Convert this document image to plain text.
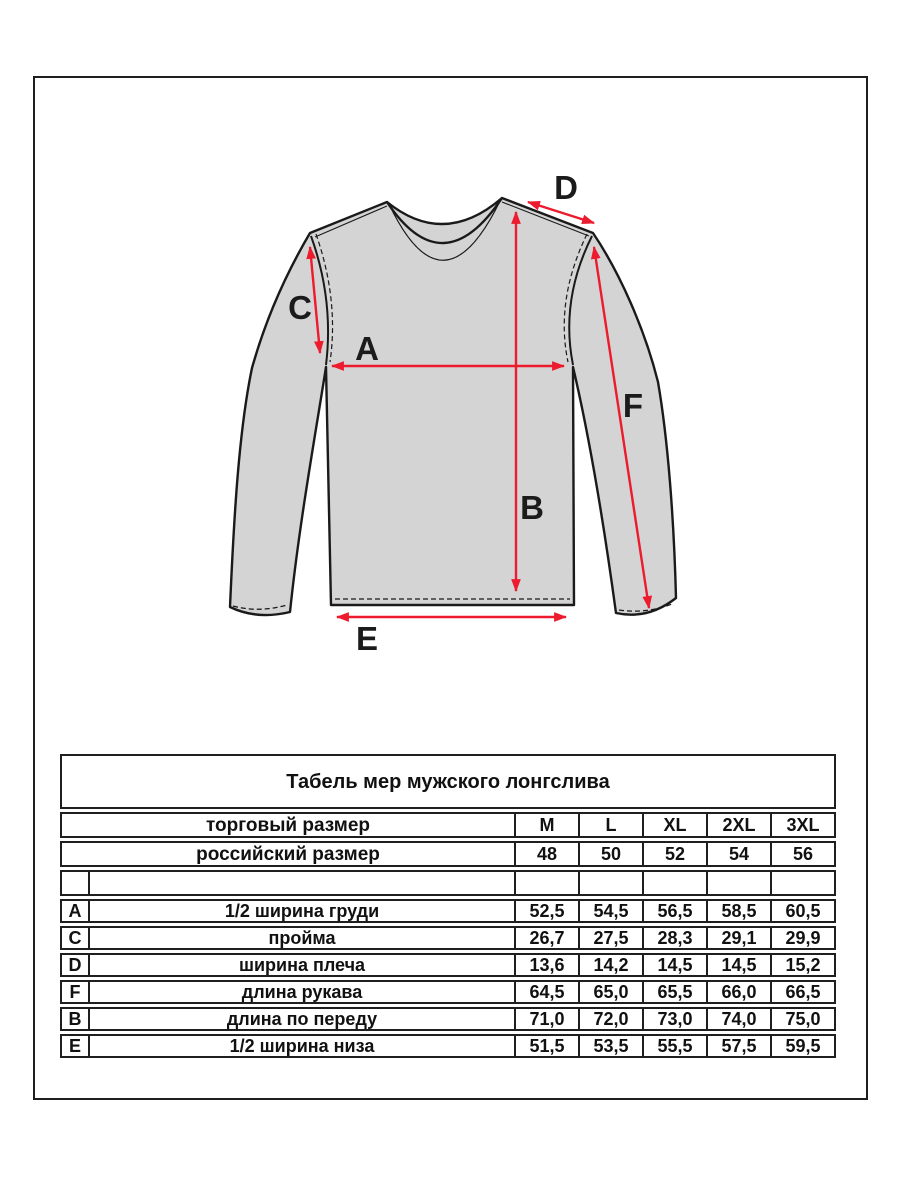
A
B
C
D
E
F
Табель мер мужского лонгслива
торговый размер	M	L	XL	2XL	3XL
российский размер	48	50	52	54	56
A	1/2 ширина груди	52,5	54,5	56,5	58,5	60,5
C	пройма	26,7	27,5	28,3	29,1	29,9
D	ширина плеча	13,6	14,2	14,5	14,5	15,2
F	длина рукава	64,5	65,0	65,5	66,0	66,5
B	длина по переду	71,0	72,0	73,0	74,0	75,0
E	1/2 ширина низа	51,5	53,5	55,5	57,5	59,5
